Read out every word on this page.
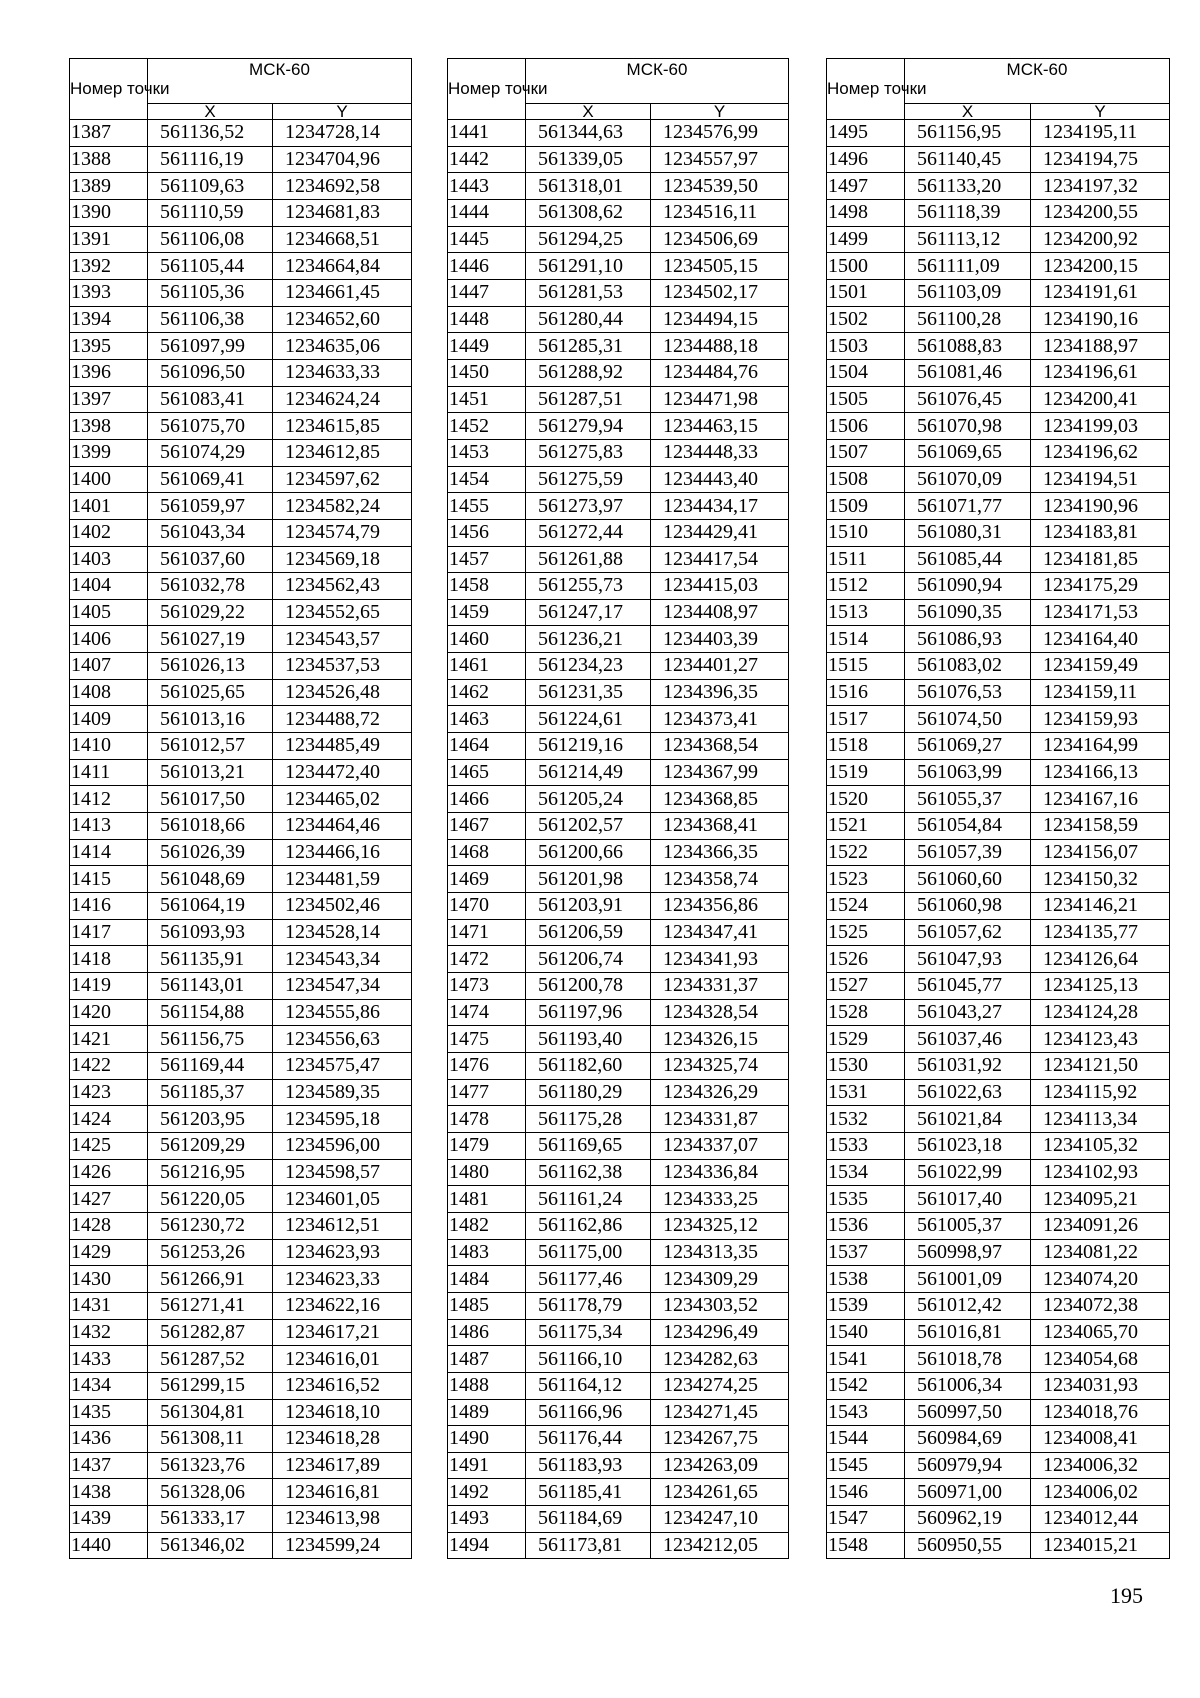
Номер точки	МСК-60	
	X	Y
1387	561136,52	1234728,14
1388	561116,19	1234704,96
1389	561109,63	1234692,58
1390	561110,59	1234681,83
1391	561106,08	1234668,51
1392	561105,44	1234664,84
1393	561105,36	1234661,45
1394	561106,38	1234652,60
1395	561097,99	1234635,06
1396	561096,50	1234633,33
1397	561083,41	1234624,24
1398	561075,70	1234615,85
1399	561074,29	1234612,85
1400	561069,41	1234597,62
1401	561059,97	1234582,24
1402	561043,34	1234574,79
1403	561037,60	1234569,18
1404	561032,78	1234562,43
1405	561029,22	1234552,65
1406	561027,19	1234543,57
1407	561026,13	1234537,53
1408	561025,65	1234526,48
1409	561013,16	1234488,72
1410	561012,57	1234485,49
1411	561013,21	1234472,40
1412	561017,50	1234465,02
1413	561018,66	1234464,46
1414	561026,39	1234466,16
1415	561048,69	1234481,59
1416	561064,19	1234502,46
1417	561093,93	1234528,14
1418	561135,91	1234543,34
1419	561143,01	1234547,34
1420	561154,88	1234555,86
1421	561156,75	1234556,63
1422	561169,44	1234575,47
1423	561185,37	1234589,35
1424	561203,95	1234595,18
1425	561209,29	1234596,00
1426	561216,95	1234598,57
1427	561220,05	1234601,05
1428	561230,72	1234612,51
1429	561253,26	1234623,93
1430	561266,91	1234623,33
1431	561271,41	1234622,16
1432	561282,87	1234617,21
1433	561287,52	1234616,01
1434	561299,15	1234616,52
1435	561304,81	1234618,10
1436	561308,11	1234618,28
1437	561323,76	1234617,89
1438	561328,06	1234616,81
1439	561333,17	1234613,98
1440	561346,02	1234599,24
Номер точки	МСК-60	
	X	Y
1441	561344,63	1234576,99
1442	561339,05	1234557,97
1443	561318,01	1234539,50
1444	561308,62	1234516,11
1445	561294,25	1234506,69
1446	561291,10	1234505,15
1447	561281,53	1234502,17
1448	561280,44	1234494,15
1449	561285,31	1234488,18
1450	561288,92	1234484,76
1451	561287,51	1234471,98
1452	561279,94	1234463,15
1453	561275,83	1234448,33
1454	561275,59	1234443,40
1455	561273,97	1234434,17
1456	561272,44	1234429,41
1457	561261,88	1234417,54
1458	561255,73	1234415,03
1459	561247,17	1234408,97
1460	561236,21	1234403,39
1461	561234,23	1234401,27
1462	561231,35	1234396,35
1463	561224,61	1234373,41
1464	561219,16	1234368,54
1465	561214,49	1234367,99
1466	561205,24	1234368,85
1467	561202,57	1234368,41
1468	561200,66	1234366,35
1469	561201,98	1234358,74
1470	561203,91	1234356,86
1471	561206,59	1234347,41
1472	561206,74	1234341,93
1473	561200,78	1234331,37
1474	561197,96	1234328,54
1475	561193,40	1234326,15
1476	561182,60	1234325,74
1477	561180,29	1234326,29
1478	561175,28	1234331,87
1479	561169,65	1234337,07
1480	561162,38	1234336,84
1481	561161,24	1234333,25
1482	561162,86	1234325,12
1483	561175,00	1234313,35
1484	561177,46	1234309,29
1485	561178,79	1234303,52
1486	561175,34	1234296,49
1487	561166,10	1234282,63
1488	561164,12	1234274,25
1489	561166,96	1234271,45
1490	561176,44	1234267,75
1491	561183,93	1234263,09
1492	561185,41	1234261,65
1493	561184,69	1234247,10
1494	561173,81	1234212,05
Номер точки	МСК-60	
	X	Y
1495	561156,95	1234195,11
1496	561140,45	1234194,75
1497	561133,20	1234197,32
1498	561118,39	1234200,55
1499	561113,12	1234200,92
1500	561111,09	1234200,15
1501	561103,09	1234191,61
1502	561100,28	1234190,16
1503	561088,83	1234188,97
1504	561081,46	1234196,61
1505	561076,45	1234200,41
1506	561070,98	1234199,03
1507	561069,65	1234196,62
1508	561070,09	1234194,51
1509	561071,77	1234190,96
1510	561080,31	1234183,81
1511	561085,44	1234181,85
1512	561090,94	1234175,29
1513	561090,35	1234171,53
1514	561086,93	1234164,40
1515	561083,02	1234159,49
1516	561076,53	1234159,11
1517	561074,50	1234159,93
1518	561069,27	1234164,99
1519	561063,99	1234166,13
1520	561055,37	1234167,16
1521	561054,84	1234158,59
1522	561057,39	1234156,07
1523	561060,60	1234150,32
1524	561060,98	1234146,21
1525	561057,62	1234135,77
1526	561047,93	1234126,64
1527	561045,77	1234125,13
1528	561043,27	1234124,28
1529	561037,46	1234123,43
1530	561031,92	1234121,50
1531	561022,63	1234115,92
1532	561021,84	1234113,34
1533	561023,18	1234105,32
1534	561022,99	1234102,93
1535	561017,40	1234095,21
1536	561005,37	1234091,26
1537	560998,97	1234081,22
1538	561001,09	1234074,20
1539	561012,42	1234072,38
1540	561016,81	1234065,70
1541	561018,78	1234054,68
1542	561006,34	1234031,93
1543	560997,50	1234018,76
1544	560984,69	1234008,41
1545	560979,94	1234006,32
1546	560971,00	1234006,02
1547	560962,19	1234012,44
1548	560950,55	1234015,21
195
